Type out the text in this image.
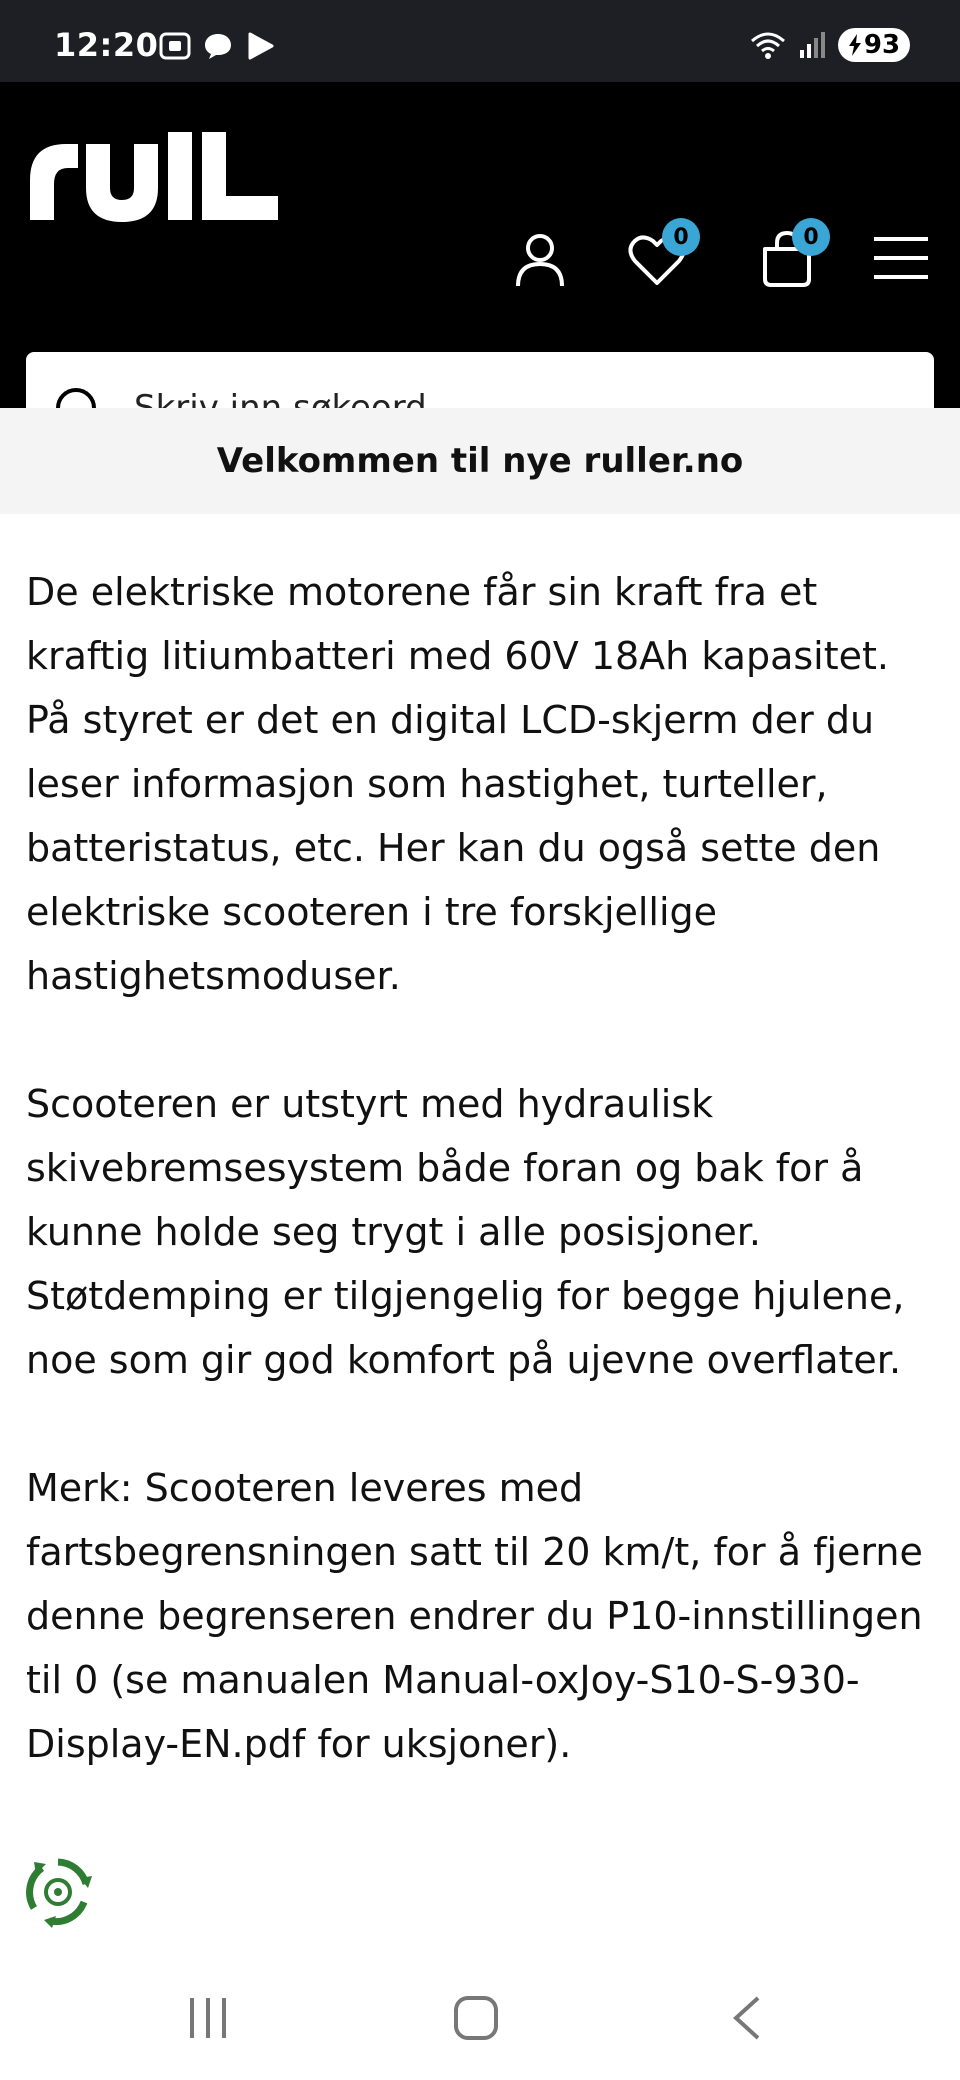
12:20	93
0	0
Skriv inn søkeord
Velkommen til nye ruller.no

De elektriske motorene får sin kraft fra et kraftig litiumbatteri med 60V 18Ah kapasitet. På styret er det en digital LCD-skjerm der du leser informasjon som hastighet, turteller, batteristatus, etc. Her kan du også sette den elektriske scooteren i tre forskjellige hastighetsmoduser.

Scooteren er utstyrt med hydraulisk skivebremsesystem både foran og bak for å kunne holde seg trygt i alle posisjoner. Støtdemping er tilgjengelig for begge hjulene, noe som gir god komfort på ujevne overflater.

Merk: Scooteren leveres med fartsbegrensningen satt til 20 km/t, for å fjerne denne begrenseren endrer du P10-innstillingen til 0 (se manualen Manual-oxJoy-S10-S-930-Display-EN.pdf for uksjoner).
